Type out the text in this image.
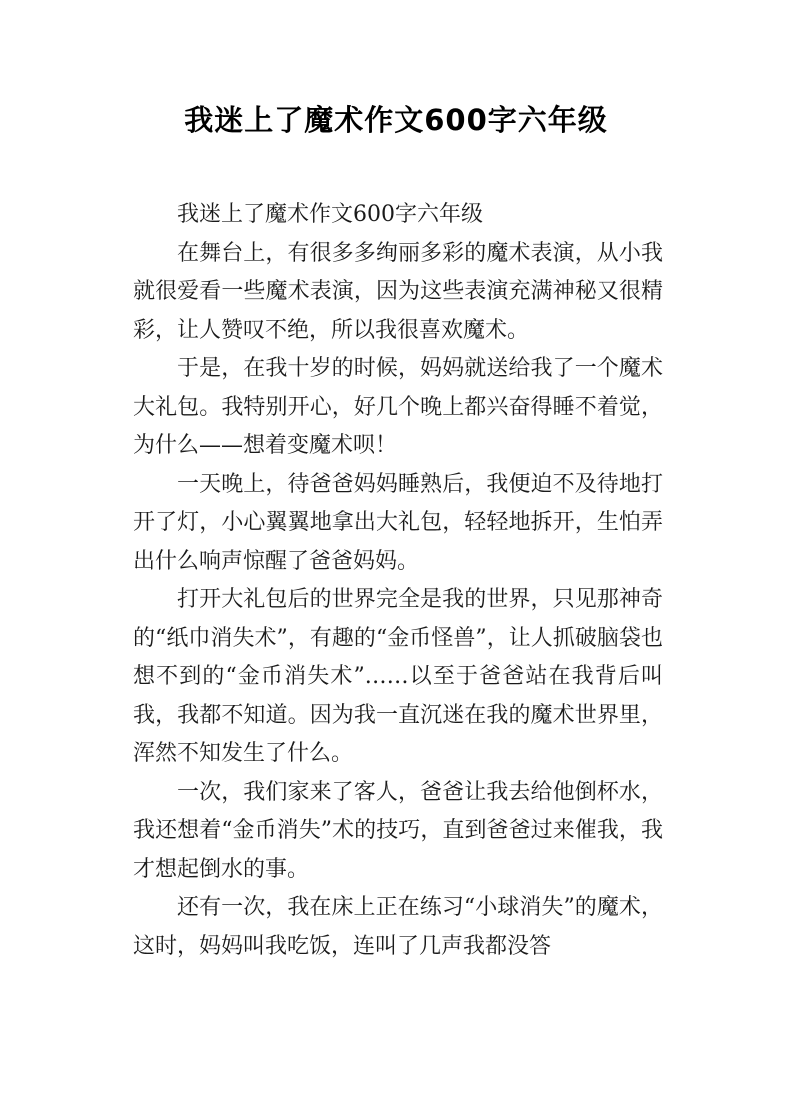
我迷上了魔术作文600字六年级

我迷上了魔术作文600字六年级

在舞台上，有很多多绚丽多彩的魔术表演，从小我就很爱看一些魔术表演，因为这些表演充满神秘又很精彩，让人赞叹不绝，所以我很喜欢魔术。

于是，在我十岁的时候，妈妈就送给我了一个魔术大礼包。我特别开心，好几个晚上都兴奋得睡不着觉，为什么——想着变魔术呗！

一天晚上，待爸爸妈妈睡熟后，我便迫不及待地打开了灯，小心翼翼地拿出大礼包，轻轻地拆开，生怕弄出什么响声惊醒了爸爸妈妈。

打开大礼包后的世界完全是我的世界，只见那神奇的“纸巾消失术”，有趣的“金币怪兽”，让人抓破脑袋也想不到的“金币消失术”……以至于爸爸站在我背后叫我，我都不知道。因为我一直沉迷在我的魔术世界里，浑然不知发生了什么。

一次，我们家来了客人，爸爸让我去给他倒杯水，我还想着“金币消失”术的技巧，直到爸爸过来催我，我才想起倒水的事。

还有一次，我在床上正在练习“小球消失”的魔术，这时，妈妈叫我吃饭，连叫了几声我都没答
